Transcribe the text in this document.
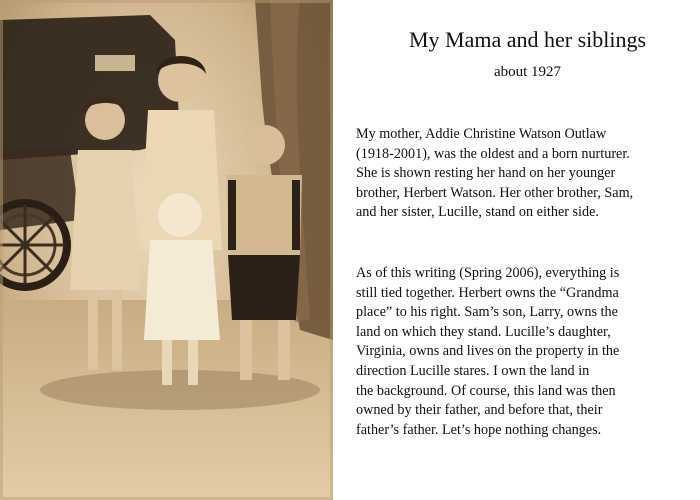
My Mama and her siblings
about 1927

My mother, Addie Christine Watson Outlaw
(1918-2001), was the oldest and a born nurturer.
She is shown resting her hand on her younger
brother, Herbert Watson. Her other brother, Sam,
and her sister, Lucille, stand on either side.

As of this writing (Spring 2006), everything is
still tied together. Herbert owns the “Grandma
place” to his right. Sam’s son, Larry, owns the
land on which they stand. Lucille’s daughter,
Virginia, owns and lives on the property in the
direction Lucille stares. I own the land in
the background. Of course, this land was then
owned by their father, and before that, their
father’s father. Let’s hope nothing changes.
